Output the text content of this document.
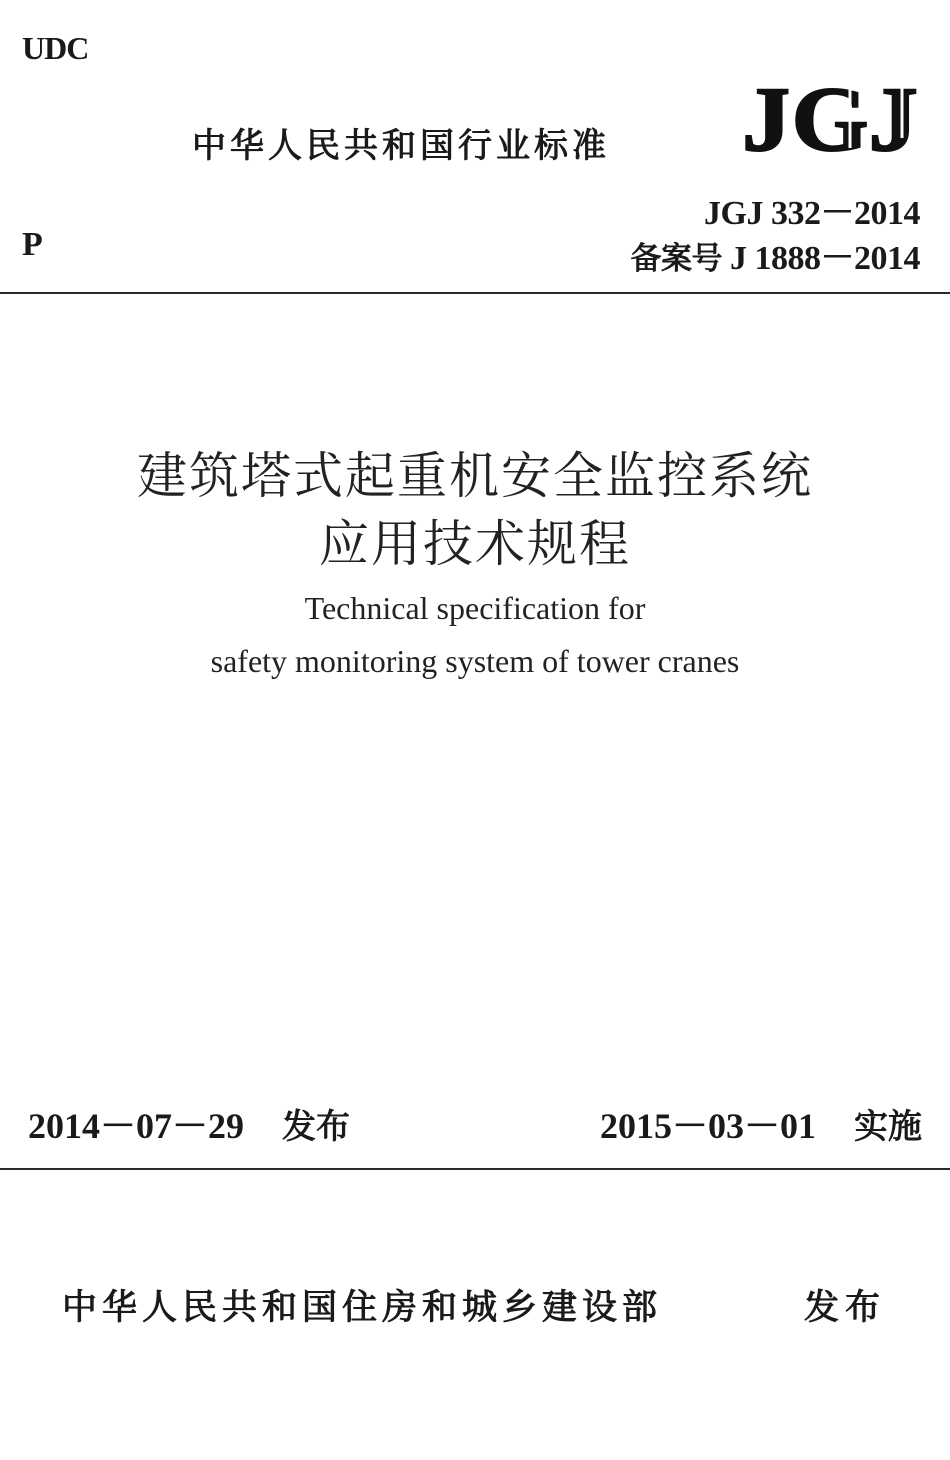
UDC
中华人民共和国行业标准 JGJ
P
JGJ 332－2014
备案号 J 1888－2014
建筑塔式起重机安全监控系统
应用技术规程
Technical specification for
safety monitoring system of tower cranes
2014－07－29 发布	2015－03－01 实施
中华人民共和国住房和城乡建设部	发布
